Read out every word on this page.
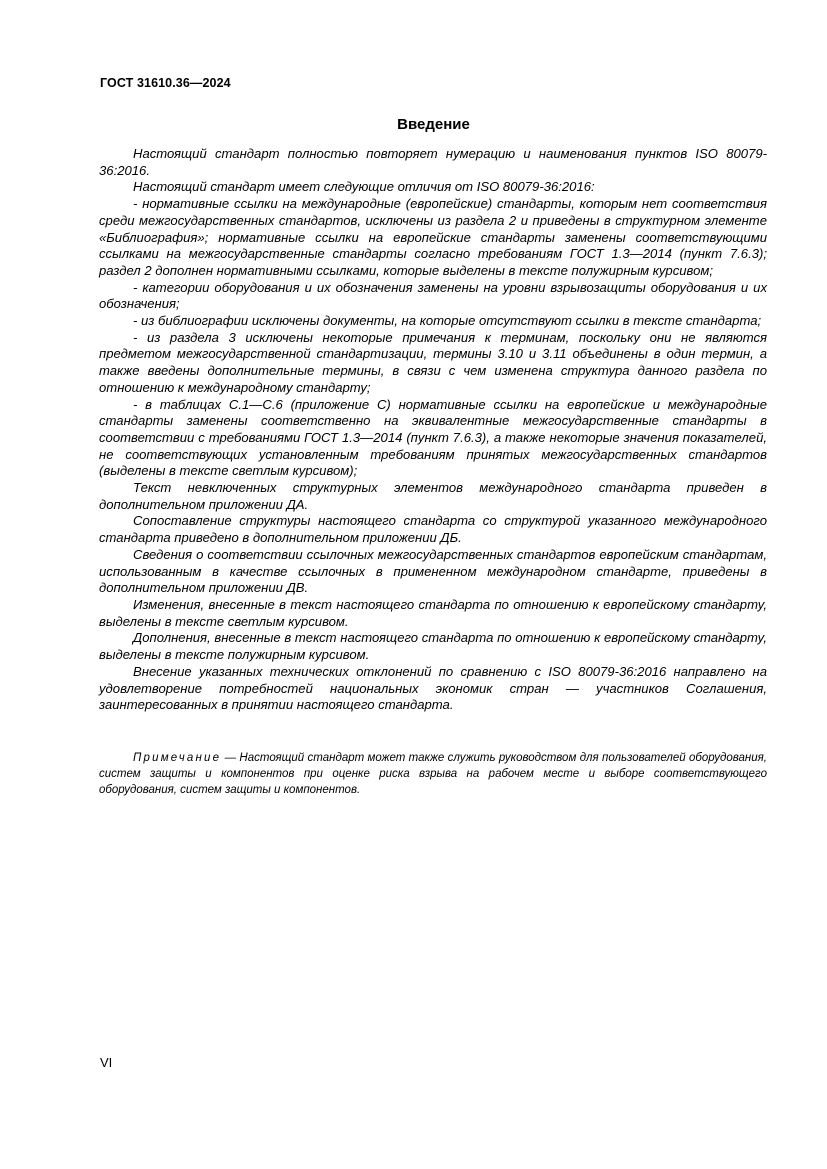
ГОСТ 31610.36—2024
Введение

Настоящий стандарт полностью повторяет нумерацию и наименования пунктов ISO 80079-36:2016.

Настоящий стандарт имеет следующие отличия от ISO 80079-36:2016:

- нормативные ссылки на международные (европейские) стандарты, которым нет соответствия среди межгосударственных стандартов, исключены из раздела 2 и приведены в структурном элементе «Библиография»; нормативные ссылки на европейские стандарты заменены соответствующими ссылками на межгосударственные стандарты согласно требованиям ГОСТ 1.3—2014 (пункт 7.6.3); раздел 2 дополнен нормативными ссылками, которые выделены в тексте полужирным курсивом;

- категории оборудования и их обозначения заменены на уровни взрывозащиты оборудования и их обозначения;

- из библиографии исключены документы, на которые отсутствуют ссылки в тексте стандарта;

- из раздела 3 исключены некоторые примечания к терминам, поскольку они не являются предметом межгосударственной стандартизации, термины 3.10 и 3.11 объединены в один термин, а также введены дополнительные термины, в связи с чем изменена структура данного раздела по отношению к международному стандарту;

- в таблицах С.1—С.6 (приложение С) нормативные ссылки на европейские и международные стандарты заменены соответственно на эквивалентные межгосударственные стандарты в соответствии с требованиями ГОСТ 1.3—2014 (пункт 7.6.3), а также некоторые значения показателей, не соответствующих установленным требованиям принятых межгосударственных стандартов (выделены в тексте светлым курсивом);

Текст невключенных структурных элементов международного стандарта приведен в дополнительном приложении ДА.

Сопоставление структуры настоящего стандарта со структурой указанного международного стандарта приведено в дополнительном приложении ДБ.

Сведения о соответствии ссылочных межгосударственных стандартов европейским стандартам, использованным в качестве ссылочных в примененном международном стандарте, приведены в дополнительном приложении ДВ.

Изменения, внесенные в текст настоящего стандарта по отношению к европейскому стандарту, выделены в тексте светлым курсивом.

Дополнения, внесенные в текст настоящего стандарта по отношению к европейскому стандарту, выделены в тексте полужирным курсивом.

Внесение указанных технических отклонений по сравнению с ISO 80079-36:2016 направлено на удовлетворение потребностей национальных экономик стран — участников Соглашения, заинтересованных в принятии настоящего стандарта.

Примечание — Настоящий стандарт может также служить руководством для пользователей оборудования, систем защиты и компонентов при оценке риска взрыва на рабочем месте и выборе соответствующего оборудования, систем защиты и компонентов.
VI
